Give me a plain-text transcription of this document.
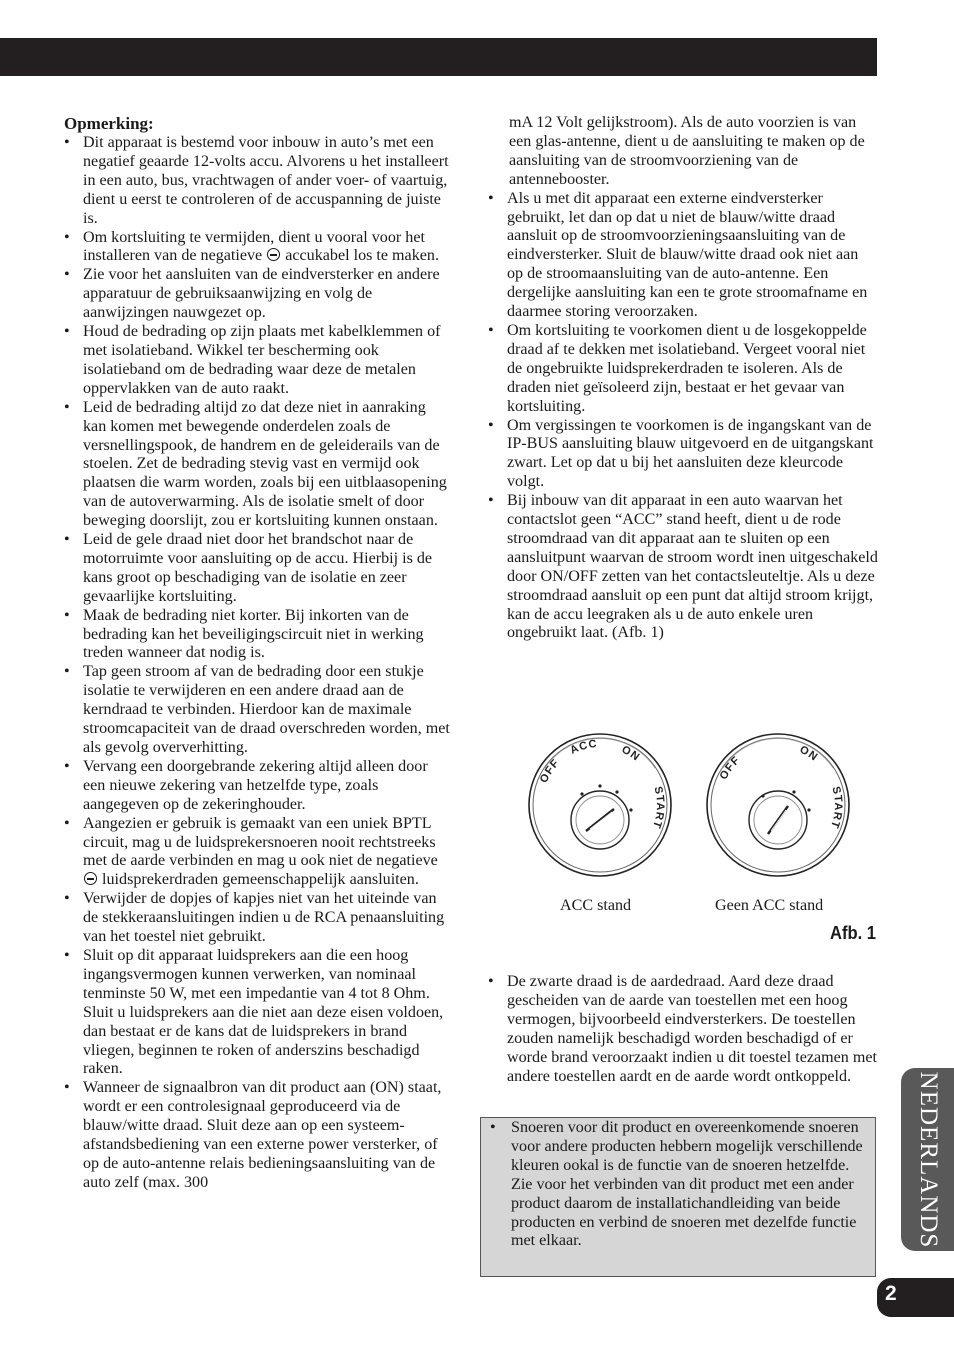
Opmerking:
• Dit apparaat is bestemd voor inbouw in auto’s met een negatief geaarde 12-volts accu. Alvorens u het installeert in een auto, bus, vrachtwagen of ander voer- of vaartuig, dient u eerst te controleren of de accuspanning de juiste is.
• Om kortsluiting te vermijden, dient u vooral voor het installeren van de negatieve accukabel los te maken.
• Zie voor het aansluiten van de eindversterker en andere apparatuur de gebruiksaanwijzing en volg de aanwijzingen nauwgezet op.
• Houd de bedrading op zijn plaats met kabelklemmen of met isolatieband. Wikkel ter bescherming ook isolatieband om de bedrading waar deze de metalen oppervlakken van de auto raakt.
• Leid de bedrading altijd zo dat deze niet in aanraking kan komen met bewegende onderdelen zoals de versnellingspook, de handrem en de geleiderails van de stoelen. Zet de bedrading stevig vast en vermijd ook plaatsen die warm worden, zoals bij een uitblaasopening van de autoverwarming. Als de isolatie smelt of door beweging doorslijt, zou er kortsluiting kunnen onstaan.
• Leid de gele draad niet door het brandschot naar de motorruimte voor aansluiting op de accu. Hierbij is de kans groot op beschadiging van de isolatie en zeer gevaarlijke kortsluiting.
• Maak de bedrading niet korter. Bij inkorten van de bedrading kan het beveiligingscircuit niet in werking treden wanneer dat nodig is.
• Tap geen stroom af van de bedrading door een stukje isolatie te verwijderen en een andere draad aan de kerndraad te verbinden. Hierdoor kan de maximale stroomcapaciteit van de draad overschreden worden, met als gevolg oververhitting.
• Vervang een doorgebrande zekering altijd alleen door een nieuwe zekering van hetzelfde type, zoals aangegeven op de zekeringhouder.
• Aangezien er gebruik is gemaakt van een uniek BPTL circuit, mag u de luidsprekersnoeren nooit rechtstreeks met de aarde verbinden en mag u ook niet de negatieve  luidsprekerdraden gemeenschappelijk aansluiten.
• Verwijder de dopjes of kapjes niet van het uiteinde van de stekkeraansluitingen indien u de RCA penaansluiting van het toestel niet gebruikt.
• Sluit op dit apparaat luidsprekers aan die een hoog ingangsvermogen kunnen verwerken, van nominaal tenminste 50 W, met een impedantie van 4 tot 8 Ohm. Sluit u luidsprekers aan die niet aan deze eisen voldoen, dan bestaat er de kans dat de luidsprekers in brand vliegen, beginnen te roken of anderszins beschadigd raken.
• Wanneer de signaalbron van dit product aan (ON) staat, wordt er een controlesignaal geproduceerd via de blauw/witte draad. Sluit deze aan op een systeem-afstandsbediening van een externe power versterker, of op de auto-antenne relais bedieningsaansluiting van de auto zelf (max. 300

mA 12 Volt gelijkstroom). Als de auto voorzien is van een glas-antenne, dient u de aansluiting te maken op de aansluiting van de stroomvoorziening van de antennebooster.

• Als u met dit apparaat een externe eindversterker gebruikt, let dan op dat u niet de blauw/witte draad aansluit op de stroomvoorzieningsaansluiting van de eindversterker. Sluit de blauw/witte draad ook niet aan op de stroomaansluiting van de auto-antenne. Een dergelijke aansluiting kan een te grote stroomafname en daarmee storing veroorzaken.
• Om kortsluiting te voorkomen dient u de losgekoppelde draad af te dekken met isolatieband. Vergeet vooral niet de ongebruikte luidsprekerdraden te isoleren. Als de draden niet geïsoleerd zijn, bestaat er het gevaar van kortsluiting.
• Om vergissingen te voorkomen is de ingangskant van de IP-BUS aansluiting blauw uitgevoerd en de uitgangskant zwart. Let op dat u bij het aansluiten deze kleurcode volgt.
• Bij inbouw van dit apparaat in een auto waarvan het contactslot geen “ACC” stand heeft, dient u de rode stroomdraad van dit apparaat aan te sluiten op een aansluitpunt waarvan de stroom wordt inen uitgeschakeld door ON/OFF zetten van het contactsleuteltje. Als u deze stroomdraad aansluit op een punt dat altijd stroom krijgt, kan de accu leegraken als u de auto enkele uren ongebruikt laat. (Afb. 1)
OFF
ACC ON
START
OFF
ON
START
ACC stand	Geen ACC stand
Afb. 1
• De zwarte draad is de aardedraad. Aard deze draad gescheiden van de aarde van toestellen met een hoog vermogen, bijvoorbeeld eindversterkers. De toestellen zouden namelijk beschadigd worden beschadigd of er worde brand veroorzaakt indien u dit toestel tezamen met andere toestellen aardt en de aarde wordt ontkoppeld.
• Snoeren voor dit product en overeenkomende snoeren voor andere producten hebbern mogelijk verschillende kleuren ookal is de functie van de snoeren hetzelfde. Zie voor het verbinden van dit product met een ander product daarom de installatichandleiding van beide producten en verbind de snoeren met dezelfde functie met elkaar.	NEDERLANDS
2
